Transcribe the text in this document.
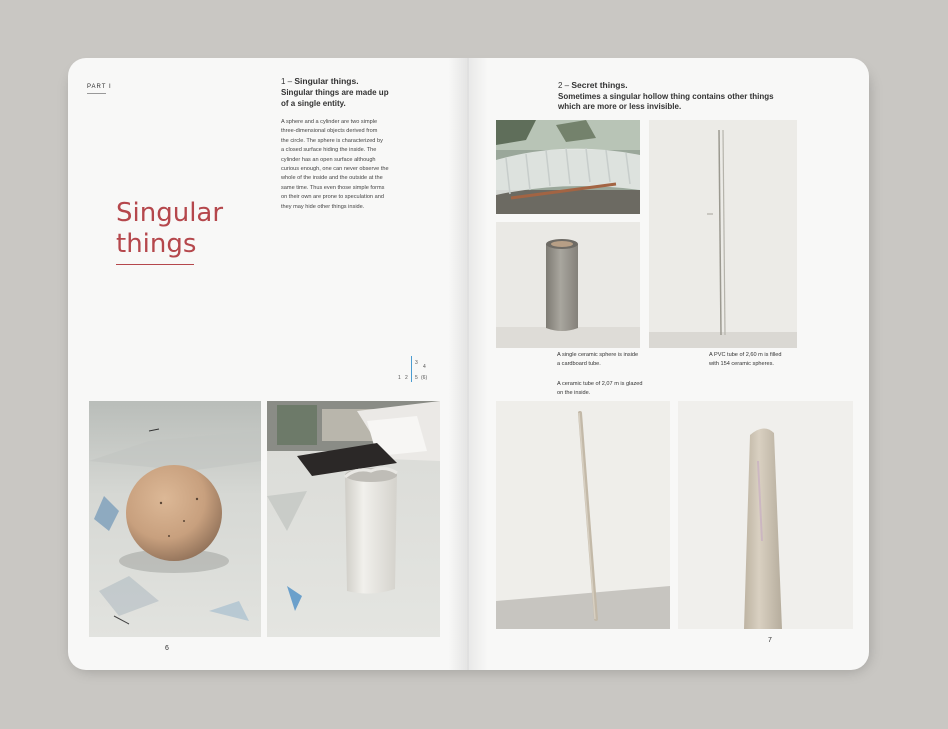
PART I
1 – Singular things.
Singular things are made up
of a single entity.
A sphere and a cylinder are two simple
three-dimensional objects derived from
the circle. The sphere is characterized by
a closed surface hiding the inside. The
cylinder has an open surface although
curious enough, one can never observe the
whole of the inside and the outside at the
same time. Thus even those simple forms
on their own are prone to speculation and
they may hide other things inside.
Singular
things
3
4
1 2 5 (6)
6
2 – Secret things.
Sometimes a singular hollow thing contains other things
which are more or less invisible.
A single ceramic sphere is inside
a cardboard tube.
A ceramic tube of 2,07 m is glazed
on the inside.
A PVC tube of 2,60 m is filled
with 154 ceramic spheres.
7
